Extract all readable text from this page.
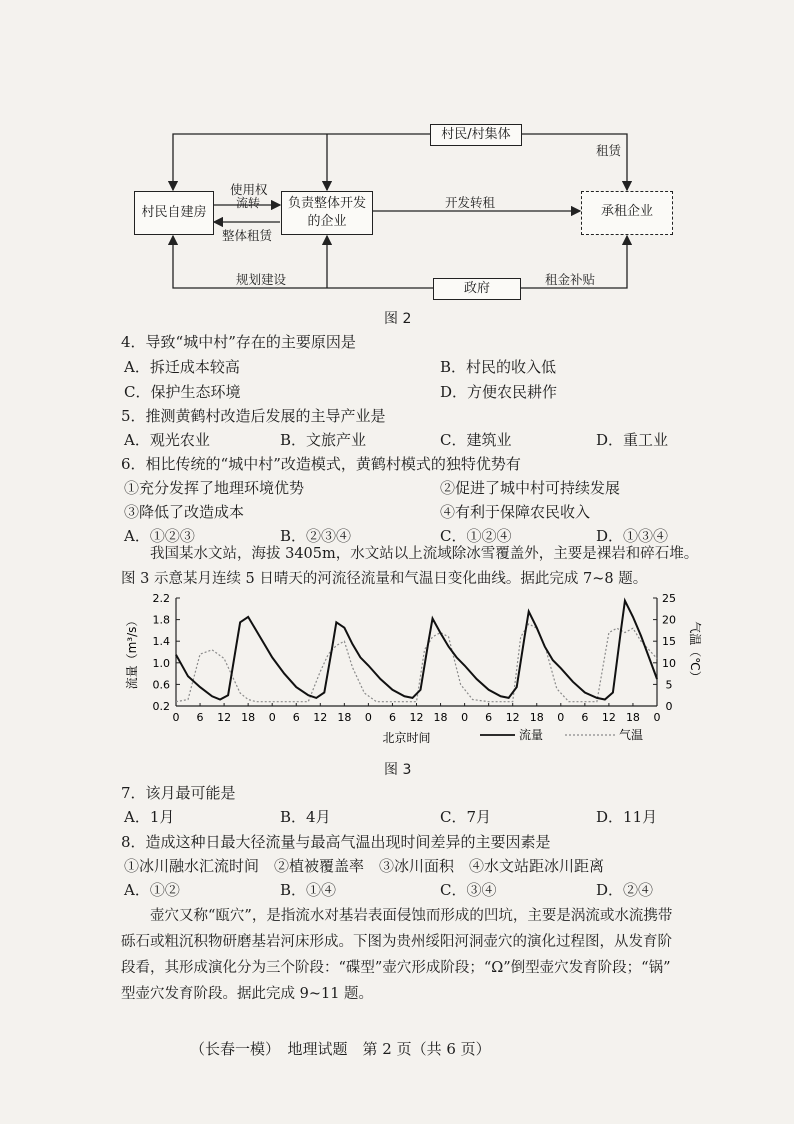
村民/村集体
村民自建房
负责整体开发的企业
承租企业
政府
使用权
流转
整体租赁
开发转租
租赁
规划建设	租金补贴
图 2
4．导致“城中村”存在的主要原因是
A．拆迁成本较高	B．村民的收入低
C．保护生态环境	D．方便农民耕作
5．推测黄鹤村改造后发展的主导产业是
A．观光农业	B．文旅产业	C．建筑业	D．重工业
6．相比传统的“城中村”改造模式，黄鹤村模式的独特优势有
①充分发挥了地理环境优势	②促进了城中村可持续发展
③降低了改造成本	④有利于保障农民收入
A．①②③	B．②③④	C．①②④	D．①③④
我国某水文站，海拔 3405m，水文站以上流域除冰雪覆盖外，主要是裸岩和碎石堆。
图 3 示意某月连续 5 日晴天的河流径流量和气温日变化曲线。据此完成 7~8 题。
0.2
0.6
1.0
1.4
1.8
2.2
0
5
10
15
20
25
0 6 12 18 0 6 12 18 0 6 12 18 0 6 12 18 0 6 12 18 0
流量（m³/s）	气温（℃）
北京时间	流量	气温
图 3
7．该月最可能是
A．1月	B．4月	C．7月	D．11月
8．造成这种日最大径流量与最高气温出现时间差异的主要因素是
①冰川融水汇流时间　②植被覆盖率　③冰川面积　④水文站距冰川距离
A．①②	B．①④	C．③④	D．②④
壶穴又称“瓯穴”，是指流水对基岩表面侵蚀而形成的凹坑，主要是涡流或水流携带
砾石或粗沉积物研磨基岩河床形成。下图为贵州绥阳河洞壶穴的演化过程图，从发育阶
段看，其形成演化分为三个阶段：“碟型”壶穴形成阶段；“Ω”倒型壶穴发育阶段；“锅”
型壶穴发育阶段。据此完成 9~11 题。
（长春一模）　地理试题　第 2 页（共 6 页）
